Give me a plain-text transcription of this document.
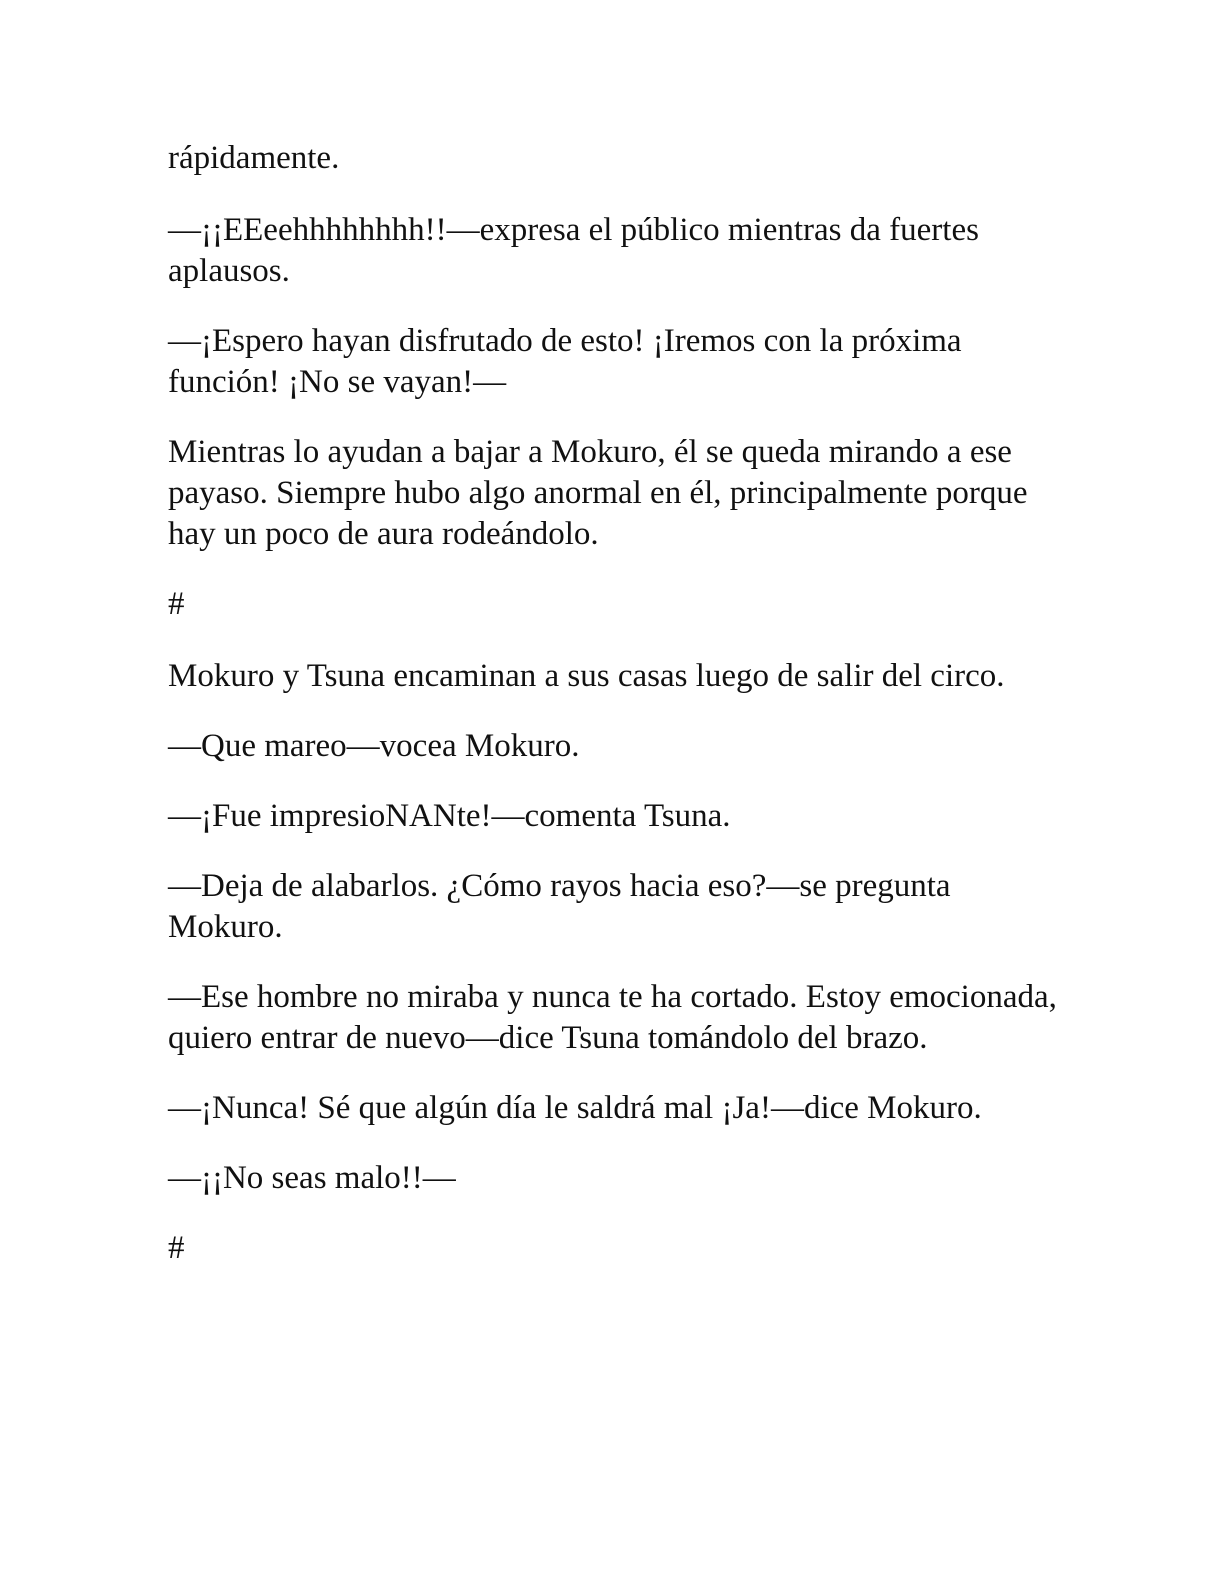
rápidamente.

—¡¡EEeehhhhhhhh!!—expresa el público mientras da fuertes aplausos.

—¡Espero hayan disfrutado de esto! ¡Iremos con la próxima función! ¡No se vayan!—

Mientras lo ayudan a bajar a Mokuro, él se queda mirando a ese payaso. Siempre hubo algo anormal en él, principalmente porque hay un poco de aura rodeándolo.

#

Mokuro y Tsuna encaminan a sus casas luego de salir del circo.

—Que mareo—vocea Mokuro.

—¡Fue impresioNANte!—comenta Tsuna.

—Deja de alabarlos. ¿Cómo rayos hacia eso?—se pregunta Mokuro.

—Ese hombre no miraba y nunca te ha cortado. Estoy emocionada, quiero entrar de nuevo—dice Tsuna tomándolo del brazo.

—¡Nunca! Sé que algún día le saldrá mal ¡Ja!—dice Mokuro.

—¡¡No seas malo!!—

#
